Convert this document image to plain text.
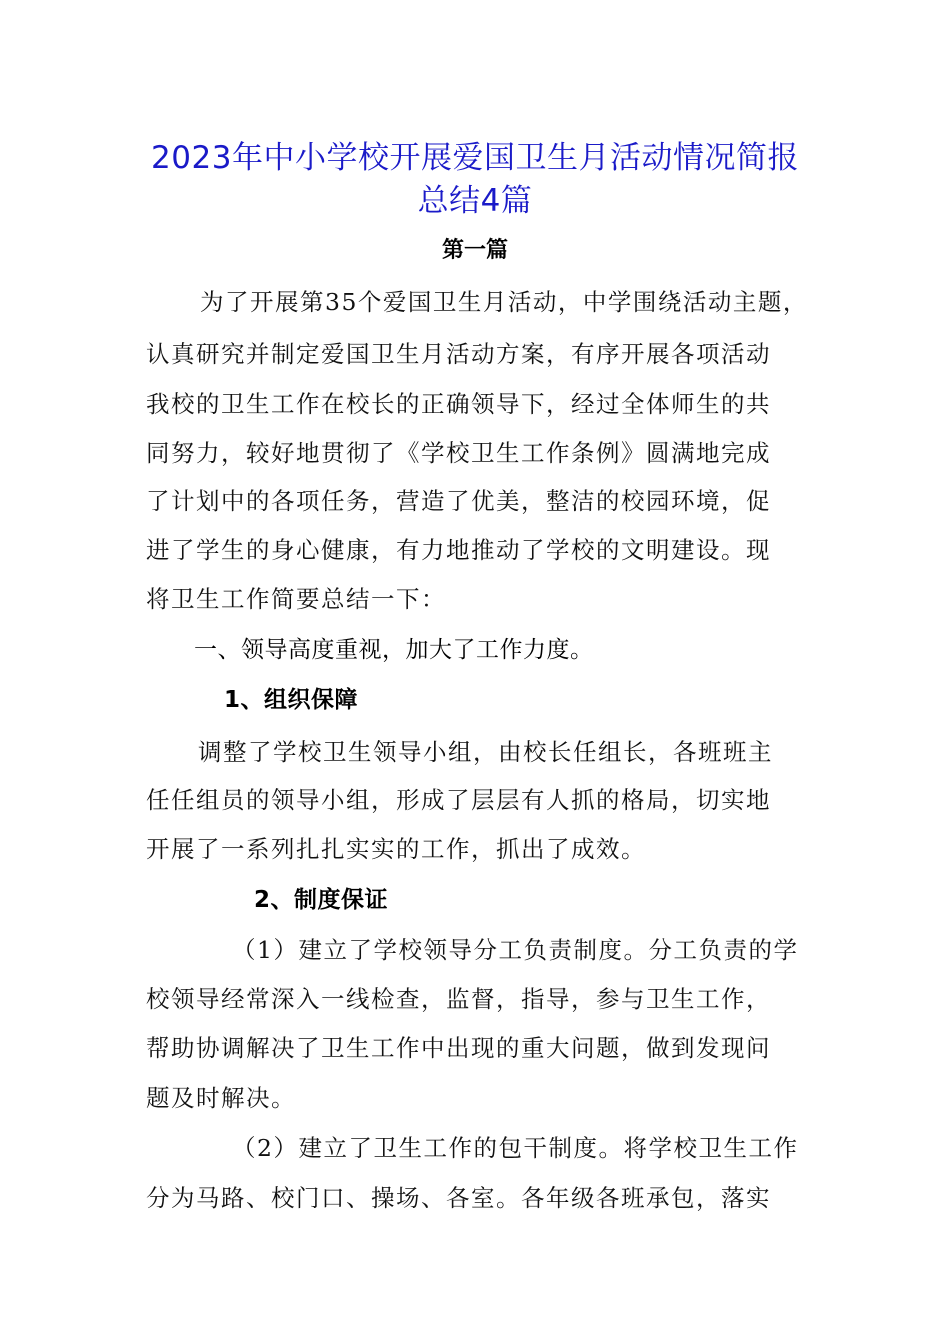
2023年中小学校开展爱国卫生月活动情况简报
总结4篇
第一篇
为了开展第35个爱国卫生月活动，中学围绕活动主题，
认真研究并制定爱国卫生月活动方案，有序开展各项活动
我校的卫生工作在校长的正确领导下，经过全体师生的共
同努力，较好地贯彻了《学校卫生工作条例》圆满地完成
了计划中的各项任务，营造了优美，整洁的校园环境，促
进了学生的身心健康，有力地推动了学校的文明建设。现
将卫生工作简要总结一下：
一、领导高度重视，加大了工作力度。
1、组织保障
调整了学校卫生领导小组，由校长任组长，各班班主
任任组员的领导小组，形成了层层有人抓的格局，切实地
开展了一系列扎扎实实的工作，抓出了成效。
2、制度保证
（1）建立了学校领导分工负责制度。分工负责的学
校领导经常深入一线检查，监督，指导，参与卫生工作，
帮助协调解决了卫生工作中出现的重大问题，做到发现问
题及时解决。
（2）建立了卫生工作的包干制度。将学校卫生工作
分为马路、校门口、操场、各室。各年级各班承包，落实
